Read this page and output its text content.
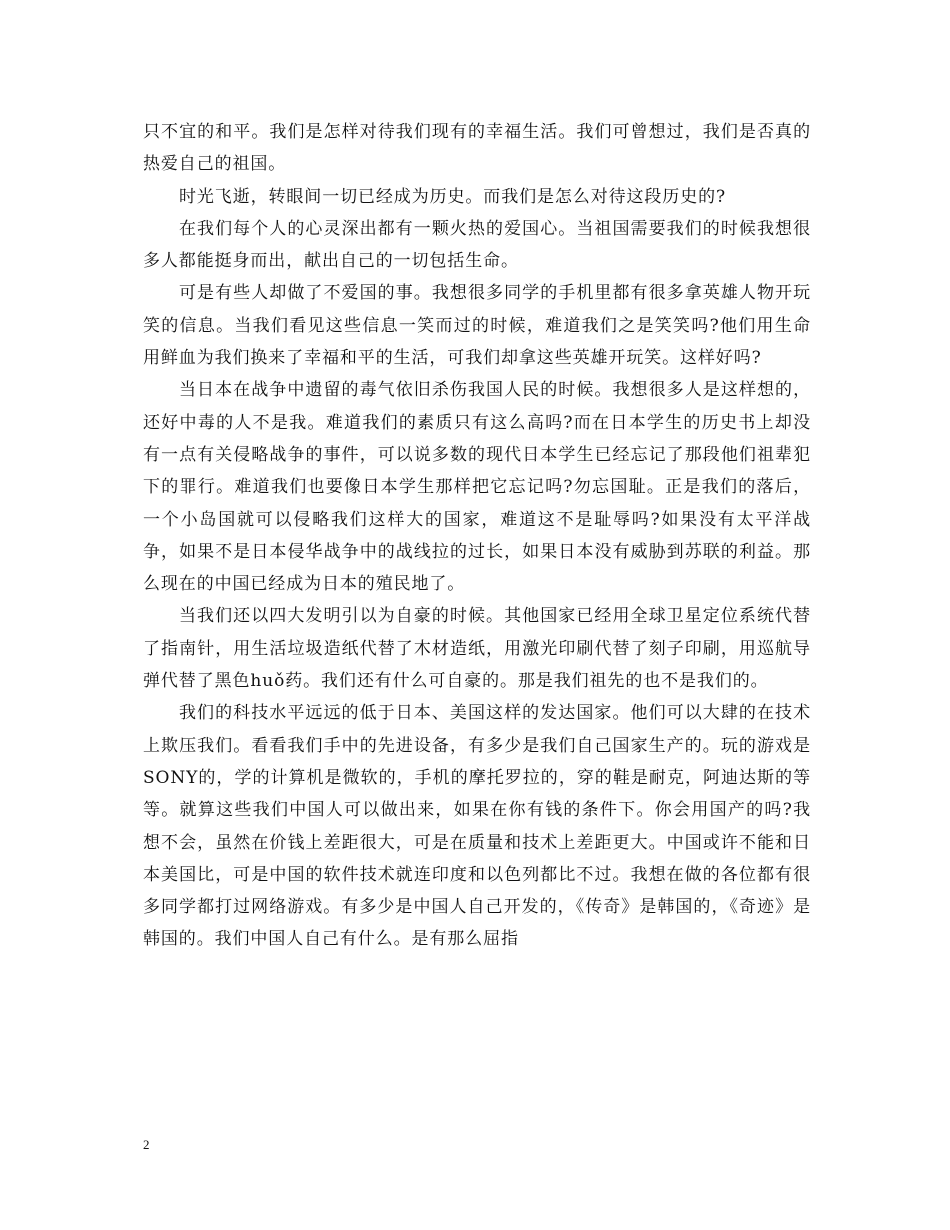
只不宜的和平。我们是怎样对待我们现有的幸福生活。我们可曾想过，我们是否真的热爱自己的祖国。

时光飞逝，转眼间一切已经成为历史。而我们是怎么对待这段历史的?

在我们每个人的心灵深出都有一颗火热的爱国心。当祖国需要我们的时候我想很多人都能挺身而出，献出自己的一切包括生命。

可是有些人却做了不爱国的事。我想很多同学的手机里都有很多拿英雄人物开玩笑的信息。当我们看见这些信息一笑而过的时候，难道我们之是笑笑吗?他们用生命用鲜血为我们换来了幸福和平的生活，可我们却拿这些英雄开玩笑。这样好吗?

当日本在战争中遗留的毒气依旧杀伤我国人民的时候。我想很多人是这样想的，还好中毒的人不是我。难道我们的素质只有这么高吗?而在日本学生的历史书上却没有一点有关侵略战争的事件，可以说多数的现代日本学生已经忘记了那段他们祖辈犯下的罪行。难道我们也要像日本学生那样把它忘记吗?勿忘国耻。正是我们的落后，一个小岛国就可以侵略我们这样大的国家，难道这不是耻辱吗?如果没有太平洋战争，如果不是日本侵华战争中的战线拉的过长，如果日本没有威胁到苏联的利益。那么现在的中国已经成为日本的殖民地了。

当我们还以四大发明引以为自豪的时候。其他国家已经用全球卫星定位系统代替了指南针，用生活垃圾造纸代替了木材造纸，用激光印刷代替了刻子印刷，用巡航导弹代替了黑色huǒ药。我们还有什么可自豪的。那是我们祖先的也不是我们的。

我们的科技水平远远的低于日本、美国这样的发达国家。他们可以大肆的在技术上欺压我们。看看我们手中的先进设备，有多少是我们自己国家生产的。玩的游戏是SONY的，学的计算机是微软的，手机的摩托罗拉的，穿的鞋是耐克，阿迪达斯的等等。就算这些我们中国人可以做出来，如果在你有钱的条件下。你会用国产的吗?我想不会，虽然在价钱上差距很大，可是在质量和技术上差距更大。中国或许不能和日本美国比，可是中国的软件技术就连印度和以色列都比不过。我想在做的各位都有很多同学都打过网络游戏。有多少是中国人自己开发的，《传奇》是韩国的，《奇迹》是韩国的。我们中国人自己有什么。是有那么屈指

2
